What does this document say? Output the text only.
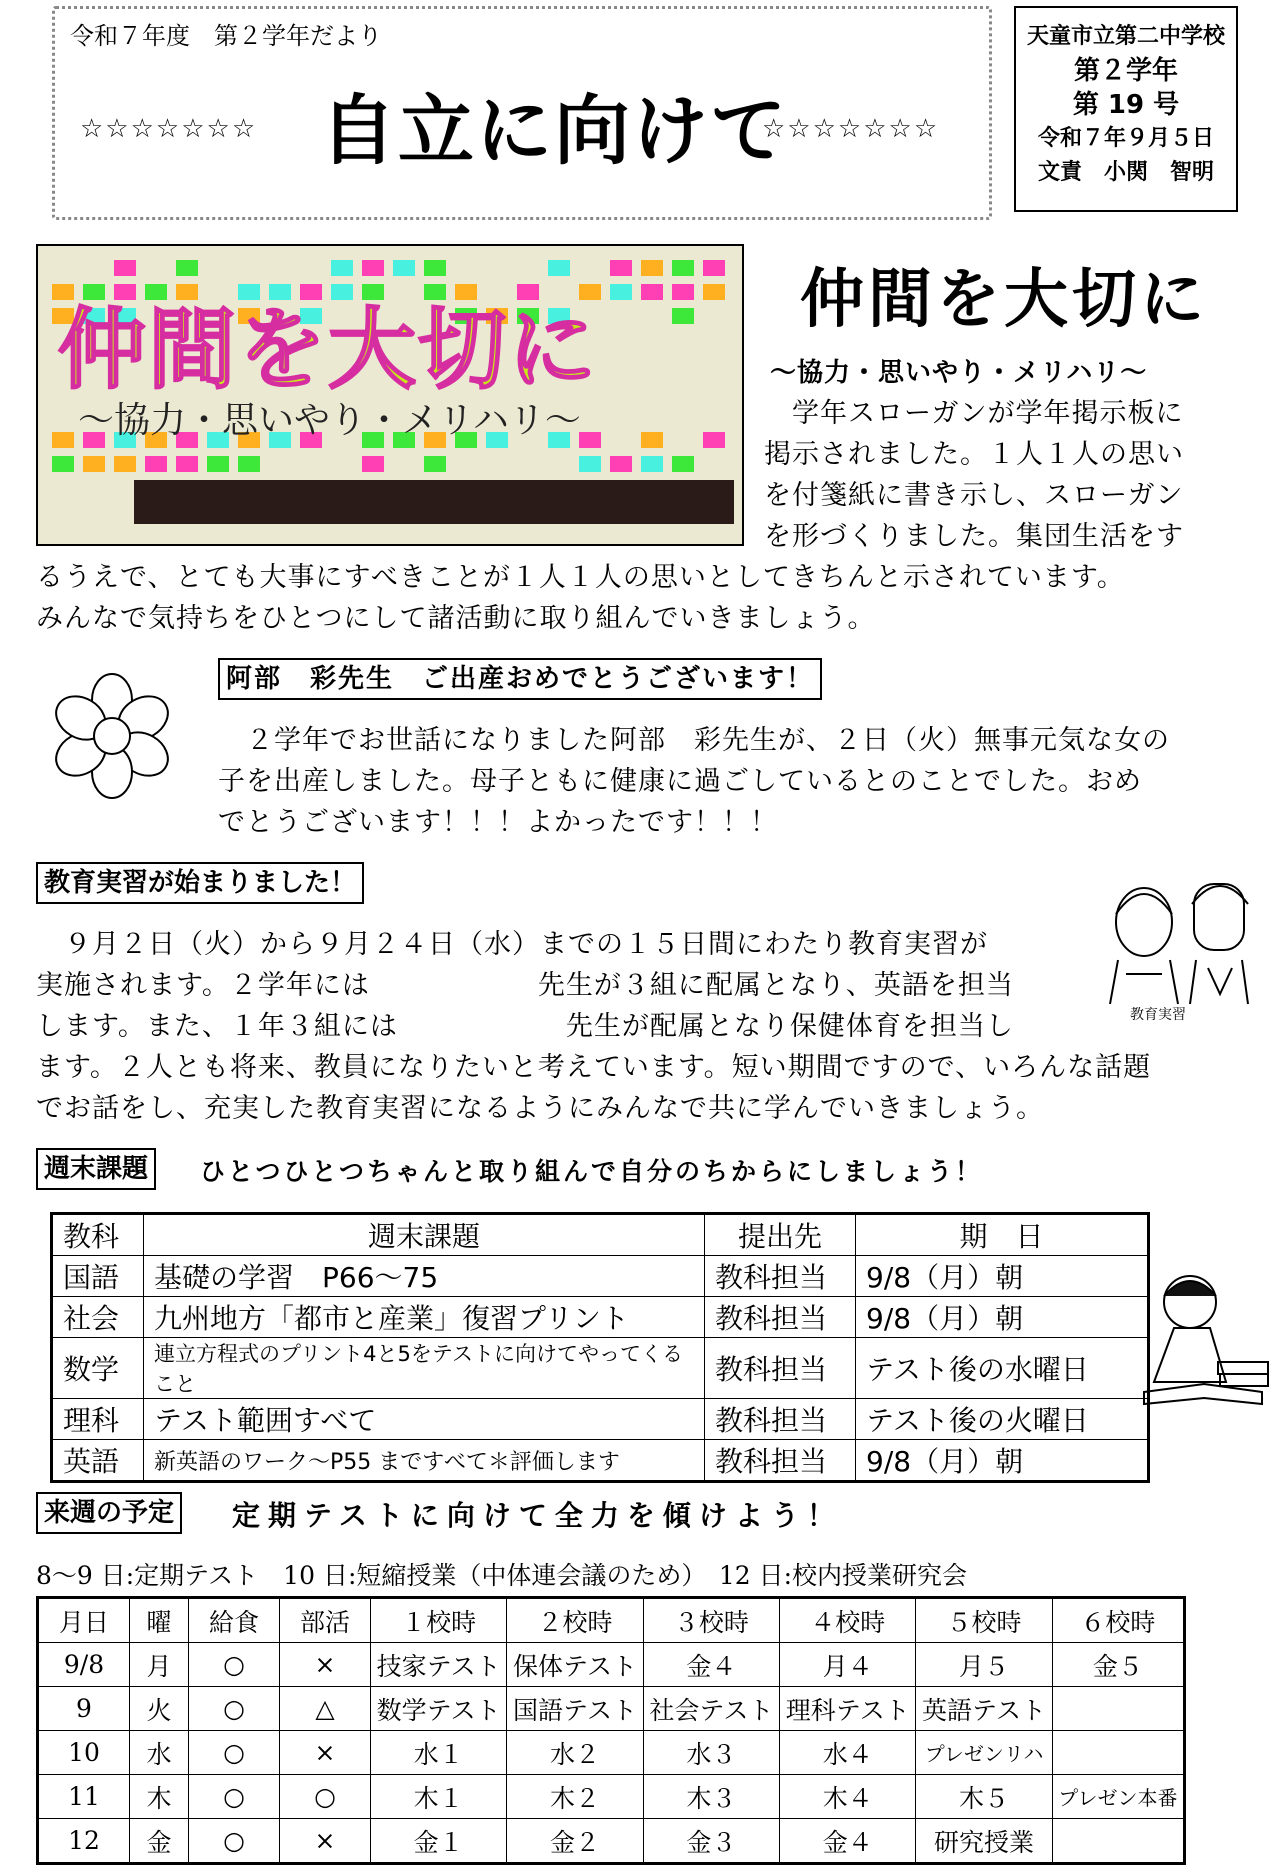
令和７年度　第２学年だより
☆☆☆☆☆☆☆ 自立に向けて
☆☆☆☆☆☆☆
天童市立第二中学校
第２学年
第 19 号
令和７年９月５日
文責　小関　智明
仲間を大切に
〜協力・思いやり・メリハリ〜
仲間を大切に
〜協力・思いやり・メリハリ〜
　学年スローガンが学年掲示板に
掲示されました。１人１人の思い
を付箋紙に書き示し、スローガン
を形づくりました。集団生活をす
るうえで、とても大事にすべきことが１人１人の思いとしてきちんと示されています。
みんなで気持ちをひとつにして諸活動に取り組んでいきましょう。
阿部　彩先生　ご出産おめでとうございます！
　２学年でお世話になりました阿部　彩先生が、２日（火）無事元気な女の
子を出産しました。母子ともに健康に過ごしているとのことでした。おめ
でとうございます！！！よかったです！！！
教育実習が始まりました！
教育実習
　９月２日（火）から９月２４日（水）までの１５日間にわたり教育実習が
実施されます。２学年には　　　　　　先生が３組に配属となり、英語を担当
します。また、１年３組には　　　　　　先生が配属となり保健体育を担当し
ます。２人とも将来、教員になりたいと考えています。短い期間ですので、いろんな話題
でお話をし、充実した教育実習になるようにみんなで共に学んでいきましょう。
週末課題	ひとつひとつちゃんと取り組んで自分のちからにしましょう！
教科	週末課題	提出先	期　日
国語	基礎の学習　P66〜75	教科担当	9/8（月）朝
社会	九州地方「都市と産業」復習プリント	教科担当	9/8（月）朝
数学	連立方程式のプリント4と5をテストに向けてやってくること	教科担当	テスト後の水曜日
理科	テスト範囲すべて	教科担当	テスト後の火曜日
英語	新英語のワーク〜P55 まですべて＊評価します	教科担当	9/8（月）朝
来週の予定 定期テストに向けて全力を傾けよう！
8〜9 日:定期テスト　10 日:短縮授業（中体連会議のため）　12 日:校内授業研究会
月日	曜	給食	部活	１校時	２校時	３校時	４校時	５校時	６校時
9/8	月	○	×	技家テスト	保体テスト	金４	月４	月５	金５
9	火	○	△	数学テスト	国語テスト	社会テスト	理科テスト	英語テスト	
10	水	○	×	水１	水２	水３	水４	プレゼンリハ	
11	木	○	○	木１	木２	木３	木４	木５	プレゼン本番
12	金	○	×	金１	金２	金３	金４	研究授業	
